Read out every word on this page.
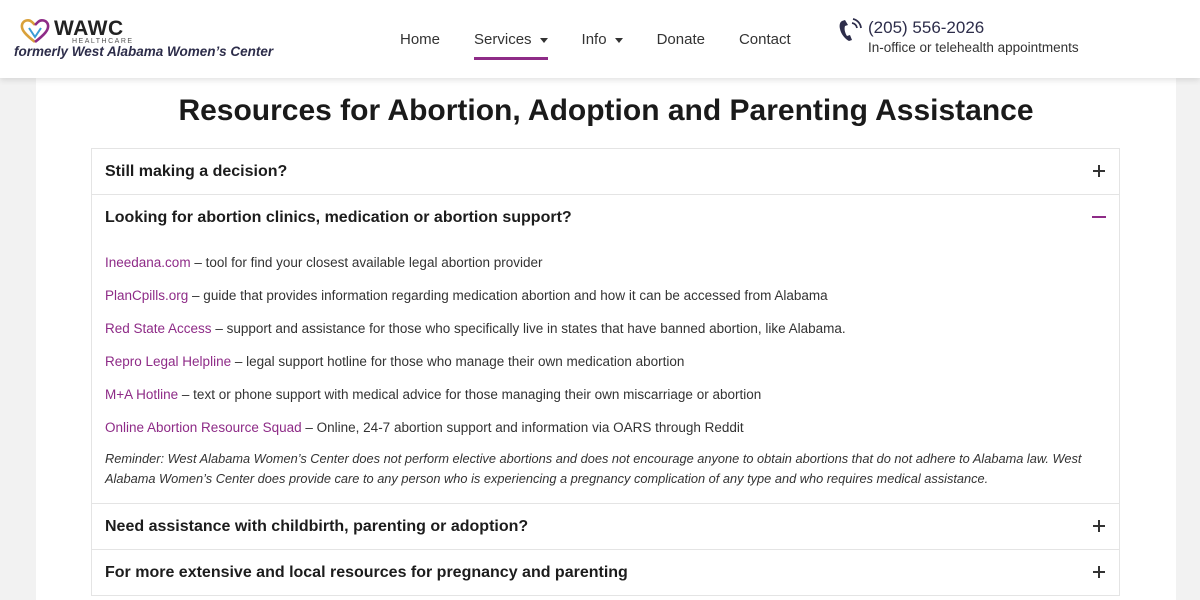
WAWC
HEALTHCARE
formerly West Alabama Women’s Center
Home Services	Info	Donate Contact
(205) 556-2026
In-office or telehealth appointments
Resources for Abortion, Adoption and Parenting Assistance
Still making a decision?
Looking for abortion clinics, medication or abortion support?

Ineedana.com – tool for find your closest available legal abortion provider

PlanCpills.org – guide that provides information regarding medication abortion and how it can be accessed from Alabama

Red State Access – support and assistance for those who specifically live in states that have banned abortion, like Alabama.

Repro Legal Helpline – legal support hotline for those who manage their own medication abortion

M+A Hotline – text or phone support with medical advice for those managing their own miscarriage or abortion

Online Abortion Resource Squad – Online, 24-7 abortion support and information via OARS through Reddit

Reminder: West Alabama Women’s Center does not perform elective abortions and does not encourage anyone to obtain abortions that do not adhere to Alabama law. West Alabama Women’s Center does provide care to any person who is experiencing a pregnancy complication of any type and who requires medical assistance.

Need assistance with childbirth, parenting or adoption?
For more extensive and local resources for pregnancy and parenting
